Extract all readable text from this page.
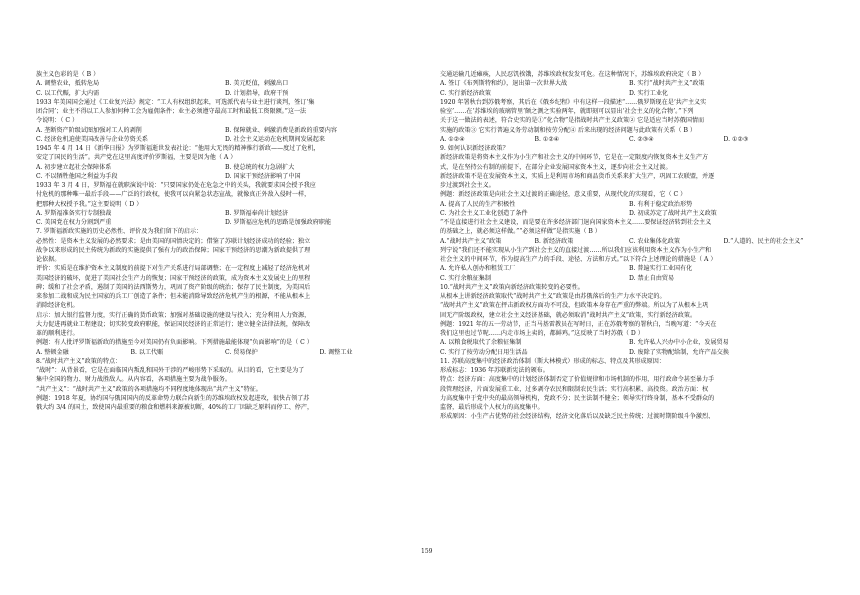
族主义色彩的是（ B ）
A. 调整农业，抵转危局	B. 美元贬值，刺激出口
C. 以工代赈，扩大内需	D. 计划指导，政府干预
1933 年美国国会通过《工业复兴法》规定：“工人有权组织起来，可选派代表与业主进行谈判，签订‘集
团合同’；业主不得以工人参加何种工会为雇佣条件；业主必须遵守最高工时和最低工资限额。”这一法
令说明：（ C ）
A. 垄断资产阶级试图加强对工人的剥削	B. 保障就业、刺激消费是新政的重要内容
C. 经济危机迫使美国改善与企业劳资关系	D. 社会主义运动在危机期间发展起来
1945 年 4 月 14 日《新华日报》为罗斯福逝世发表社论：“他用大无畏的精神推行新政——度过了危机，
安定了国民的生活”。共产党在这里高度评价罗斯福，主要是因为他（ A ）
A. 初步建立起社会保障体系	B. 使总统的权力急剧扩大
C. 不以牺牲他国之利益为手段	D. 国家干预经济影响了中国
1933 年 3 月 4 日，罗斯福在就职演说中说：“只要国家仍处在危急之中的关头，我就要求国会授予我应
付危机的那种唯一最后手段——广泛的行政权，使我可以向紧急状态宣战，就像真正外敌入侵时一样，
把那种大权授予我。”这主要说明（ D ）
A. 罗斯福准备实行专制独裁	B. 罗斯福奉尚计划经济
C. 美国党在权力分割到严重	D. 罗斯福应危机的思路是加强政府职能
7. 罗斯福新政实施的历史必然性、评价及为我们留下的启示：
必然性：是资本主义发展的必然要求；是由美国的国情决定的；借鉴了苏联计划经济成功的经验；独立
战争以来形成的民主传统为新政的实施提供了强有力的政治保障；国家干预经济的思潮为新政提供了理
论依据。
评价：实质是在维护资本主义制度的前提下对生产关系进行局部调整；在一定程度上减轻了经济危机对
美国经济的破坏，促进了美国社会生产力的恢复；国家干预经济的政策，成为资本主义发展史上的里程
碑；缓和了社会矛盾，遏制了美国的法西斯势力，巩固了资产阶级的统治；保存了民主制度，为美国后
来参加二战和成为民主国家的兵工厂创造了条件；但未能消除导致经济危机产生的根源，不能从根本上
消除经济危机。
启示：加大银行监督力度，实行正确的货币政策；加强对基础设施的建设与投入；充分利用人力资源，
大力促进再就业工程建设；切实转变政府职能，保证国民经济的正常运行；建立健全法律法规，保障改
革的顺利进行。
例题：有人批评罗斯福新政的措施至今对美国仍有负面影响。下列措施最能体现“负面影响”的是（ C ）
A. 整顿金融	B. 以工代赈	C. 贸易保护	D. 调整工业
8.“战时共产主义”政策的特点：
“战时”：从背景看，它是在面临国内叛乱和国外干涉的严峻形势下采取的。从目的看，它主要是为了
集中全国的物力、财力战胜敌人。从内容看，各项措施主要为战争服务。
“共产主义”：“战时共产主义”政策的各项措施均不同程度地体现出“共产主义”特征。
例题：1918 年夏，协约国与俄国国内的反革命势力联合向新生的苏维埃政权发起进攻，很快占领了苏
俄大约 3/4 的国土，致使国内最重要的粮食和燃料来源被切断，40%的工厂因缺乏原料而停工、停产，
交通运输几近瘫痪，人民忍饥挨饿，苏维埃政权发发可危。在这种情况下，苏维埃政府决定（ B ）
A. 签订《布列斯特和约》，退出第一次世界大战	B. 实行“战时共产主义”政策
C. 实行新经济政策	D. 实行工业化
1920 年署秋台到苏俄考察，其后在《俄乡纪程》中有这样一段描述“……俄罗斯现在是‘共产主义实
验室’……在‘苏维埃的玻璃管里’颇之测之实验两年，就即刻可以显出‘社会主义的化合物’。”下列
关于这一做法的表述，符合史实的是①“化合物”是指战时共产主义政策② 它是适应当时苏俄国情而
实施的政策③ 它实行普遍义务劳动制和按劳分配④ 后来出现的经济问题与此政策有关系（ B ）
A. ①②④	B. ①②④	C. ②③④	D. ①②③
9. 如何认识新经济政策？
新经济政策是将资本主义作为小生产和社会主义的中间环节，它是在一定限度内恢复资本主义生产方
式，是在坚持公有制的前提下，在部分企业发展国家资本主义，逐步向社会主义过渡。
新经济政策不是在发展资本主义，实质上是利用市场和商品货币关系来扩大生产，巩固工农联盟，并逐
步过渡到社会主义。
例题：新经济政策是向社会主义过渡的正确途径，意义重要，从现代化的实现看，它（ C ）
A. 提高了人民的生产积极性	B. 有利于稳定政治形势
C. 为社会主义工业化创造了条件	D. 初成苏定了战时共产主义政策
“不是直接进行社会主义建设，而是要在许多经济部门退向国家资本主义……要保证经济转到社会主义
的基础之上，就必须这样做。”“必须这样做”是指实施（ B ）
A.“战时共产主义”政策	B. 新经济政策	C. 农业集体化政策	D.“人道的、民主的社会主义”
列宁说“我们还不能实现从小生产到社会主义的直接过渡……所以我们应该利用资本主义作为小生产和
社会主义的中间环节，作为提高生产力的手段、途径、方法和方式。”以下符合上述理论的措施是（ A ）
A. 允许私人创办和租赁工厂	B. 普遍实行工业国有化
C. 实行余粮征集制	D. 禁止自由贸易
10.“战时共产主义”政策向新经济政策转变的必要性。
从根本上讲新经济政策取代“战时共产主义”政策是由苏俄落后的生产力水平决定的。
“战时共产主义”政策在抨击新政权方面功不可没，但政策本身存在严重的弊端。所以为了从根本上巩
固无产阶级政权，建立社会主义经济基础，就必须取消“战时共产主义”政策，实行新经济政策。
例题：1921 年的五一劳动节，正当马基雷教员在写时日，正在苏俄考察的署秋白，当晚写道：“今天在
我们这里也过节呢……内走市场上卖的，都鲜鸡。”这反映了当时苏俄（ D ）
A. 以粮食税取代了余粮征集制	B. 允许私人兴办中小企业，发展贸易
C. 实行了按劳动分配日用生活品	D. 废除了实物配给制，允许产品交换
11. 苏联高度集中的经济政治体制（斯大林模式）形成的标志、特点及其形成原因：
形成标志：1936 年苏联新宪法的颁布。
特点：经济方面：高度集中的计划经济体制否定了价值规律和市场机制的作用，用行政命令甚至暴力手
段管理经济，片面发展重工业，过多剥夺农民和限制农民生活；实行高积累、高投资。政治方面：权
力高度集中于党中央的最高领导机构，党政不分；民主法制不健全；领导实行终身制，基本不受群众的
监督，最后形成个人权力的高度集中。
形成原因：小生产占优势的社会经济结构，经济文化落后以及缺乏民主传统；过渡时期阶级斗争激烈、
159
